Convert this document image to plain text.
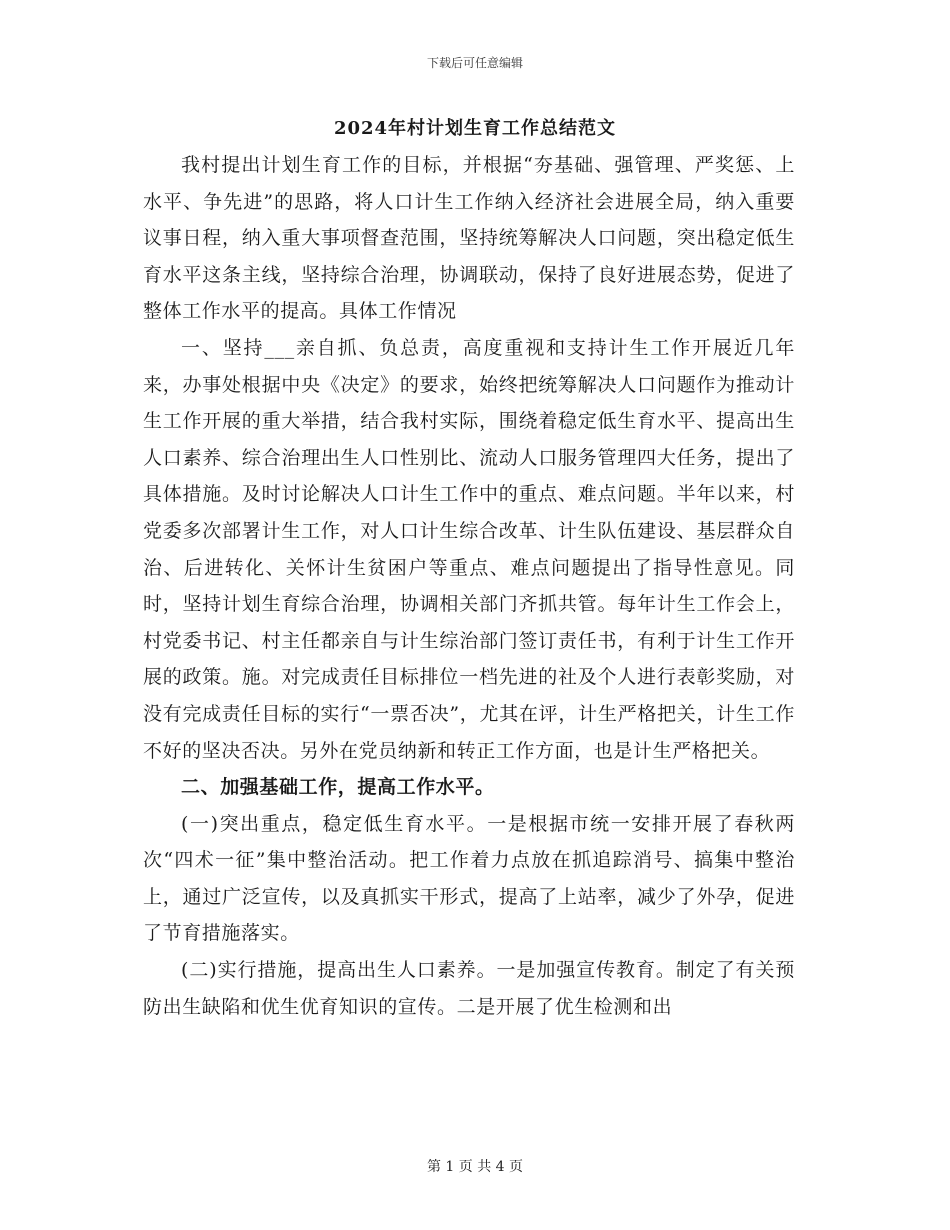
下载后可任意编辑
2024年村计划生育工作总结范文

我村提出计划生育工作的目标，并根据“夯基础、强管理、严奖惩、上水平、争先进”的思路，将人口计生工作纳入经济社会进展全局，纳入重要议事日程，纳入重大事项督查范围，坚持统筹解决人口问题，突出稳定低生育水平这条主线，坚持综合治理，协调联动，保持了良好进展态势，促进了整体工作水平的提高。具体工作情况

一、坚持___亲自抓、负总责，高度重视和支持计生工作开展近几年来，办事处根据中央《决定》的要求，始终把统筹解决人口问题作为推动计生工作开展的重大举措，结合我村实际，围绕着稳定低生育水平、提高出生人口素养、综合治理出生人口性别比、流动人口服务管理四大任务，提出了具体措施。及时讨论解决人口计生工作中的重点、难点问题。半年以来，村党委多次部署计生工作，对人口计生综合改革、计生队伍建设、基层群众自治、后进转化、关怀计生贫困户等重点、难点问题提出了指导性意见。同时，坚持计划生育综合治理，协调相关部门齐抓共管。每年计生工作会上，村党委书记、村主任都亲自与计生综治部门签订责任书，有利于计生工作开展的政策。施。对完成责任目标排位一档先进的社及个人进行表彰奖励，对没有完成责任目标的实行“一票否决”，尤其在评，计生严格把关，计生工作不好的坚决否决。另外在党员纳新和转正工作方面，也是计生严格把关。

二、加强基础工作，提高工作水平。

(一)突出重点，稳定低生育水平。一是根据市统一安排开展了春秋两次“四术一征”集中整治活动。把工作着力点放在抓追踪消号、搞集中整治上，通过广泛宣传，以及真抓实干形式，提高了上站率，减少了外孕，促进了节育措施落实。

(二)实行措施，提高出生人口素养。一是加强宣传教育。制定了有关预防出生缺陷和优生优育知识的宣传。二是开展了优生检测和出

第 1 页 共 4 页
